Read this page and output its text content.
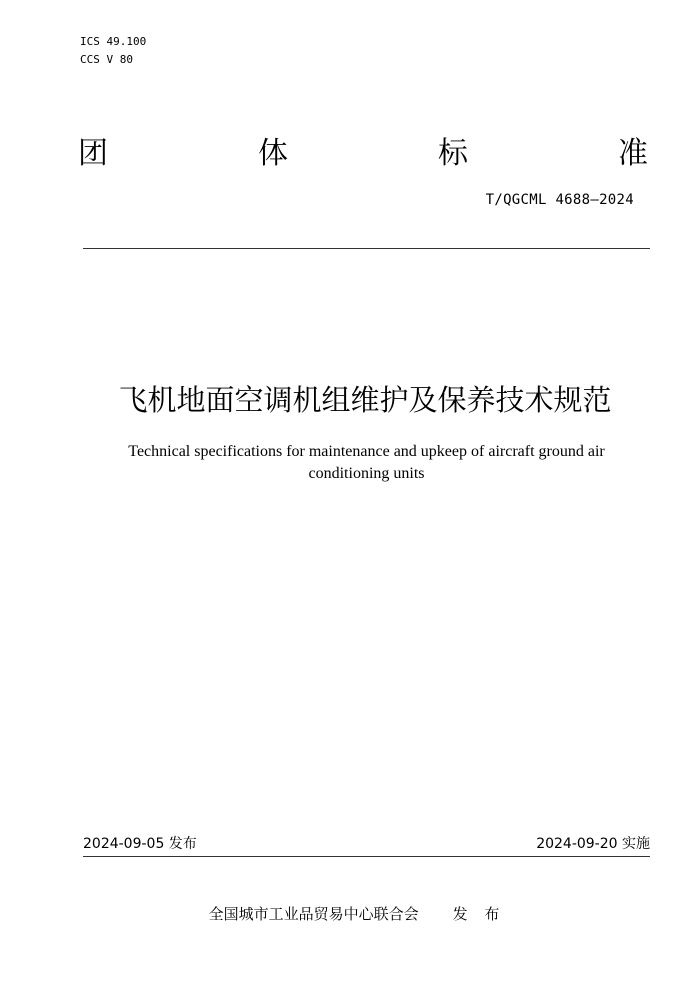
ICS 49.100
CCS V 80
团	体	标	准
T/QGCML 4688—2024
飞机地面空调机组维护及保养技术规范
Technical specifications for maintenance and upkeep of aircraft ground air conditioning units
2024-09-05 发布	2024-09-20 实施
全国城市工业品贸易中心联合会 发 布
